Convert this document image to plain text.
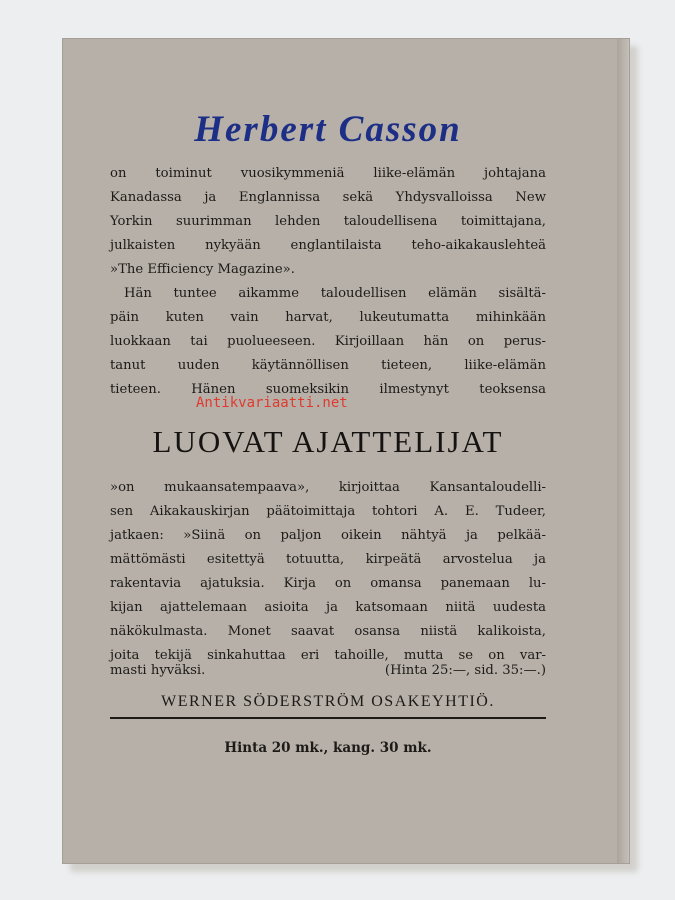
Herbert Casson
on toiminut vuosikymmeniä liike-elämän johtajana
Kanadassa ja Englannissa sekä Yhdysvalloissa New
Yorkin suurimman lehden taloudellisena toimittajana,
julkaisten nykyään englantilaista teho-aikakauslehteä
»The Efficiency Magazine».
Hän tuntee aikamme taloudellisen elämän sisältä-
päin kuten vain harvat, lukeutumatta mihinkään
luokkaan tai puolueeseen. Kirjoillaan hän on perus-
tanut uuden käytännöllisen tieteen, liike-elämän
tieteen. Hänen suomeksikin ilmestynyt teoksensa
LUOVAT AJATTELIJAT
»on mukaansatempaava», kirjoittaa Kansantaloudelli-
sen Aikakauskirjan päätoimittaja tohtori A. E. Tudeer,
jatkaen: »Siinä on paljon oikein nähtyä ja pelkää-
mättömästi esitettyä totuutta, kirpeätä arvostelua ja
rakentavia ajatuksia. Kirja on omansa panemaan lu-
kijan ajattelemaan asioita ja katsomaan niitä uudesta
näkökulmasta. Monet saavat osansa niistä kalikoista,
joita tekijä sinkahuttaa eri tahoille, mutta se on var-
masti hyväksi.	(Hinta 25:—, sid. 35:—.)
WERNER SÖDERSTRÖM OSAKEYHTIÖ.
Hinta 20 mk., kang. 30 mk.
Antikvariaatti.net
